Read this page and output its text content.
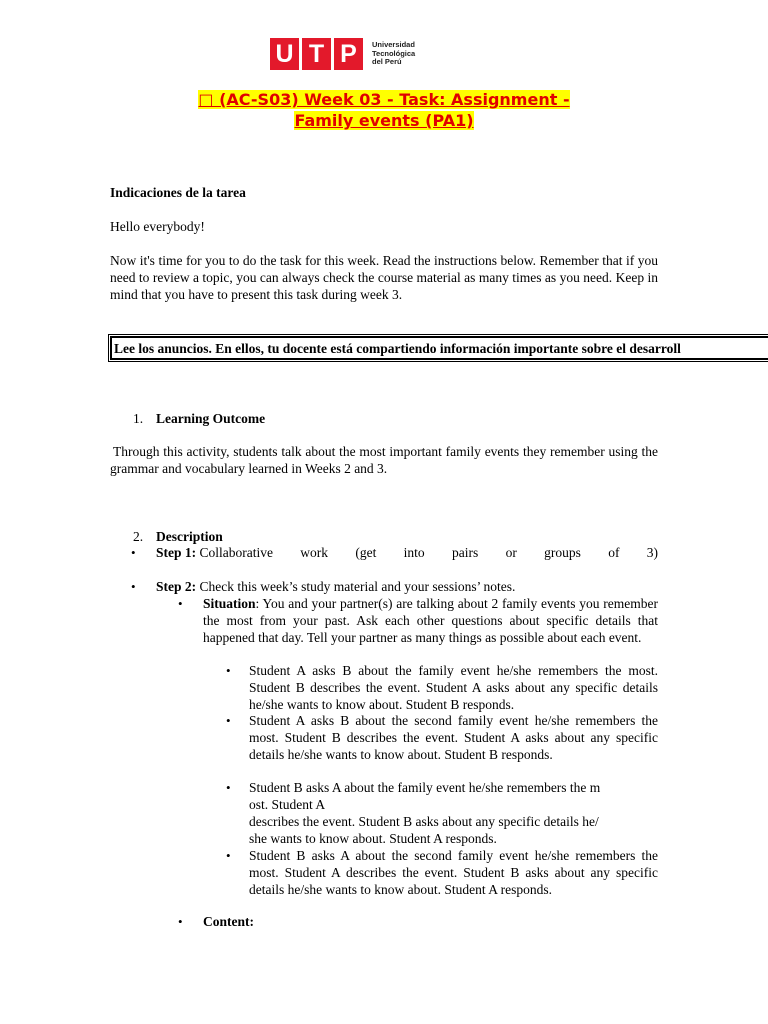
U T P	Universidad
Tecnológica
del Perú
□ (AC-S03) Week 03 - Task: Assignment -
Family events (PA1)
Indicaciones de la tarea
Hello everybody!
Now it's time for you to do the task for this week. Read the instructions below. Remember that if you need to review a topic, you can always check the course material as many times as you need. Keep in mind that you have to present this task during week 3.
Lee los anuncios. En ellos, tu docente está compartiendo información importante sobre el desarroll
1. Learning Outcome
Through this activity, students talk about the most important family events they remember using the grammar and vocabulary learned in Weeks 2 and 3.
2. Description
• Step 1: Collaborative work (get into pairs or groups of 3)
• Step 2: Check this week’s study material and your sessions’ notes.
• Situation: You and your partner(s) are talking about 2 family events you remember the most from your past. Ask each other questions about specific details that happened that day. Tell your partner as many things as possible about each event.
• Student A asks B about the family event he/she remembers the most. Student B describes the event. Student A asks about any specific details he/she wants to know about. Student B responds.
• Student A asks B about the second family event he/she remembers the most. Student B describes the event. Student A asks about any specific details he/she wants to know about. Student B responds.
• Student B asks A about the family event he/she remembers the m
ost. Student A
describes the event. Student B asks about any specific details he/
she wants to know about. Student A responds.
• Student B asks A about the second family event he/she remembers the most. Student A describes the event. Student B asks about any specific details he/she wants to know about. Student A responds.
• Content:
